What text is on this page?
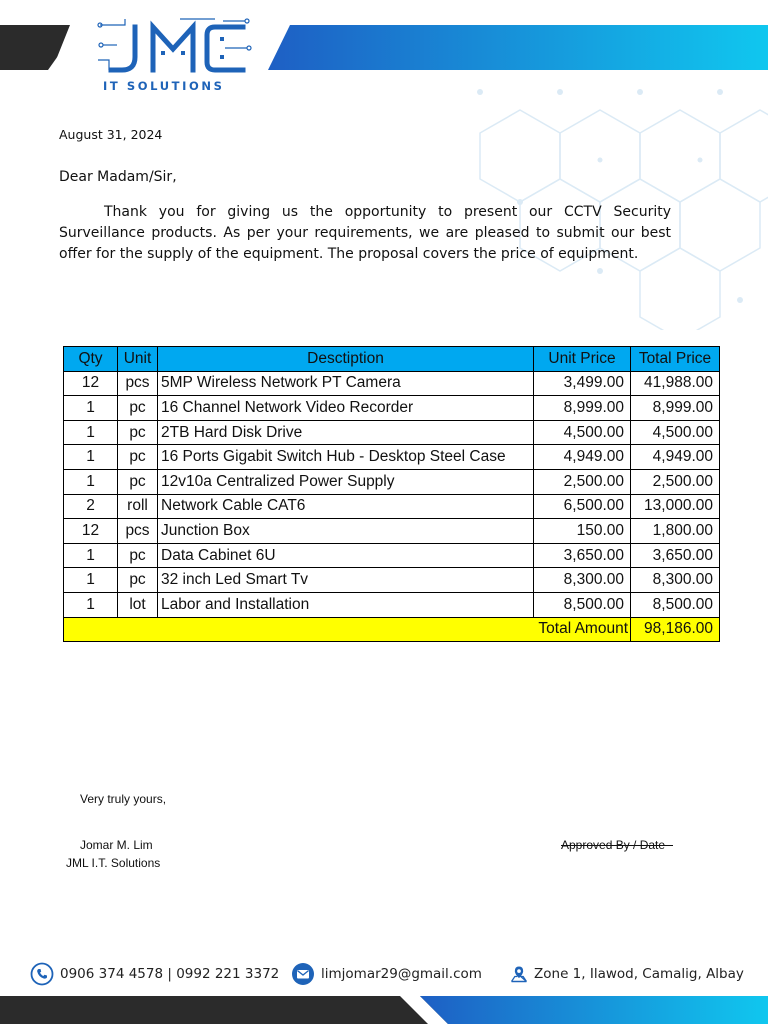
IT SOLUTIONS
August 31, 2024
Dear Madam/Sir,

Thank you for giving us the opportunity to present our CCTV Security Surveillance products. As per your requirements, we are pleased to submit our best offer for the supply of the equipment. The proposal covers the price of equipment.

Qty	Unit	Desctiption	Unit Price	Total Price
12	pcs	5MP Wireless Network PT Camera	3,499.00	41,988.00
1	pc	16 Channel Network Video Recorder	8,999.00	8,999.00
1	pc	2TB Hard Disk Drive	4,500.00	4,500.00
1	pc	16 Ports Gigabit Switch Hub - Desktop Steel Case	4,949.00	4,949.00
1	pc	12v10a Centralized Power Supply	2,500.00	2,500.00
2	roll	Network Cable CAT6	6,500.00	13,000.00
12	pcs	Junction Box	150.00	1,800.00
1	pc	Data Cabinet 6U	3,650.00	3,650.00
1	pc	32 inch Led Smart Tv	8,300.00	8,300.00
1	lot	Labor and Installation	8,500.00	8,500.00
			Total Amount	98,186.00
Very truly yours,
Jomar M. Lim
JML I.T. Solutions
Approved By / Date
0906 374 4578 | 0992 221 3372	limjomar29@gmail.com	Zone 1, Ilawod, Camalig, Albay
